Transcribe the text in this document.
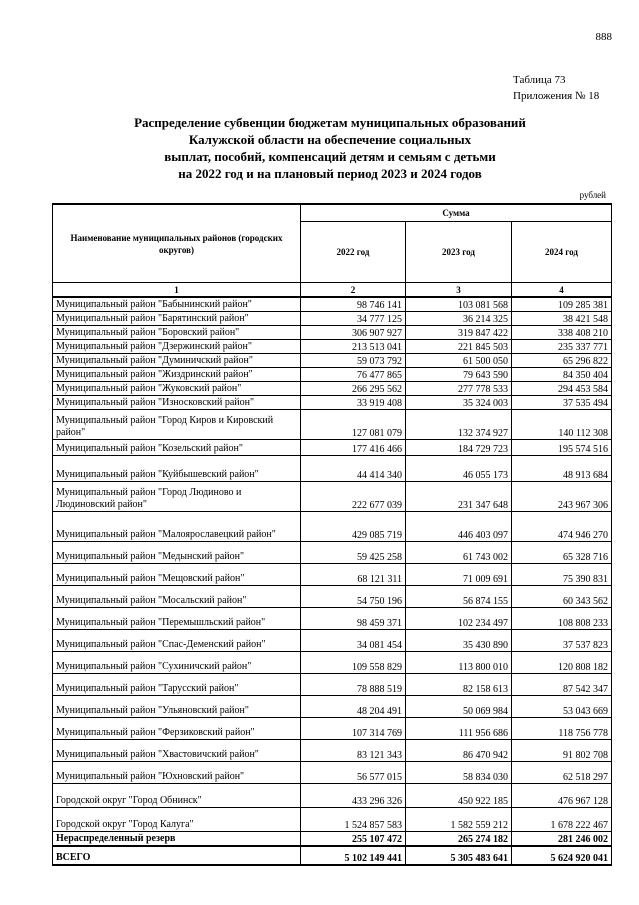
888
Таблица 73
Приложения № 18
Распределение субвенции бюджетам муниципальных образований
Калужской области на обеспечение социальных
выплат, пособий, компенсаций детям и семьям с детьми
на 2022 год и на плановый период 2023 и 2024 годов
рублей
Наименование муниципальных районов (городских округов)	Сумма		
	2022 год	2023 год	2024 год
1	2	3	4
Муниципальный район "Бабынинский район"	98 746 141	103 081 568	109 285 381
Муниципальный район "Барятинский район"	34 777 125	36 214 325	38 421 548
Муниципальный район "Боровский район"	306 907 927	319 847 422	338 408 210
Муниципальный район "Дзержинский район"	213 513 041	221 845 503	235 337 771
Муниципальный район "Думиничский район"	59 073 792	61 500 050	65 296 822
Муниципальный район "Жиздринский район"	76 477 865	79 643 590	84 350 404
Муниципальный район "Жуковский район"	266 295 562	277 778 533	294 453 584
Муниципальный район "Износковский район"	33 919 408	35 324 003	37 535 494
Муниципальный район "Город Киров и Кировский район"	127 081 079	132 374 927	140 112 308
Муниципальный район "Козельский район"	177 416 466	184 729 723	195 574 516
Муниципальный район "Куйбышевский район"	44 414 340	46 055 173	48 913 684
Муниципальный район "Город Людиново и Людиновский район"	222 677 039	231 347 648	243 967 306
Муниципальный район "Малоярославецкий район"	429 085 719	446 403 097	474 946 270
Муниципальный район "Медынский район"	59 425 258	61 743 002	65 328 716
Муниципальный район "Мещовский район"	68 121 311	71 009 691	75 390 831
Муниципальный район "Мосальский район"	54 750 196	56 874 155	60 343 562
Муниципальный район "Перемышльский район"	98 459 371	102 234 497	108 808 233
Муниципальный район "Спас-Деменский район"	34 081 454	35 430 890	37 537 823
Муниципальный район "Сухиничский район"	109 558 829	113 800 010	120 808 182
Муниципальный район "Тарусский район"	78 888 519	82 158 613	87 542 347
Муниципальный район "Ульяновский район"	48 204 491	50 069 984	53 043 669
Муниципальный район "Ферзиковский район"	107 314 769	111 956 686	118 756 778
Муниципальный район "Хвастовичский район"	83 121 343	86 470 942	91 802 708
Муниципальный район "Юхновский район"	56 577 015	58 834 030	62 518 297
Городской округ "Город Обнинск"	433 296 326	450 922 185	476 967 128
Городской округ "Город Калуга"	1 524 857 583	1 582 559 212	1 678 222 467
Нераспределенный резерв	255 107 472	265 274 182	281 246 002
ВСЕГО	5 102 149 441	5 305 483 641	5 624 920 041
